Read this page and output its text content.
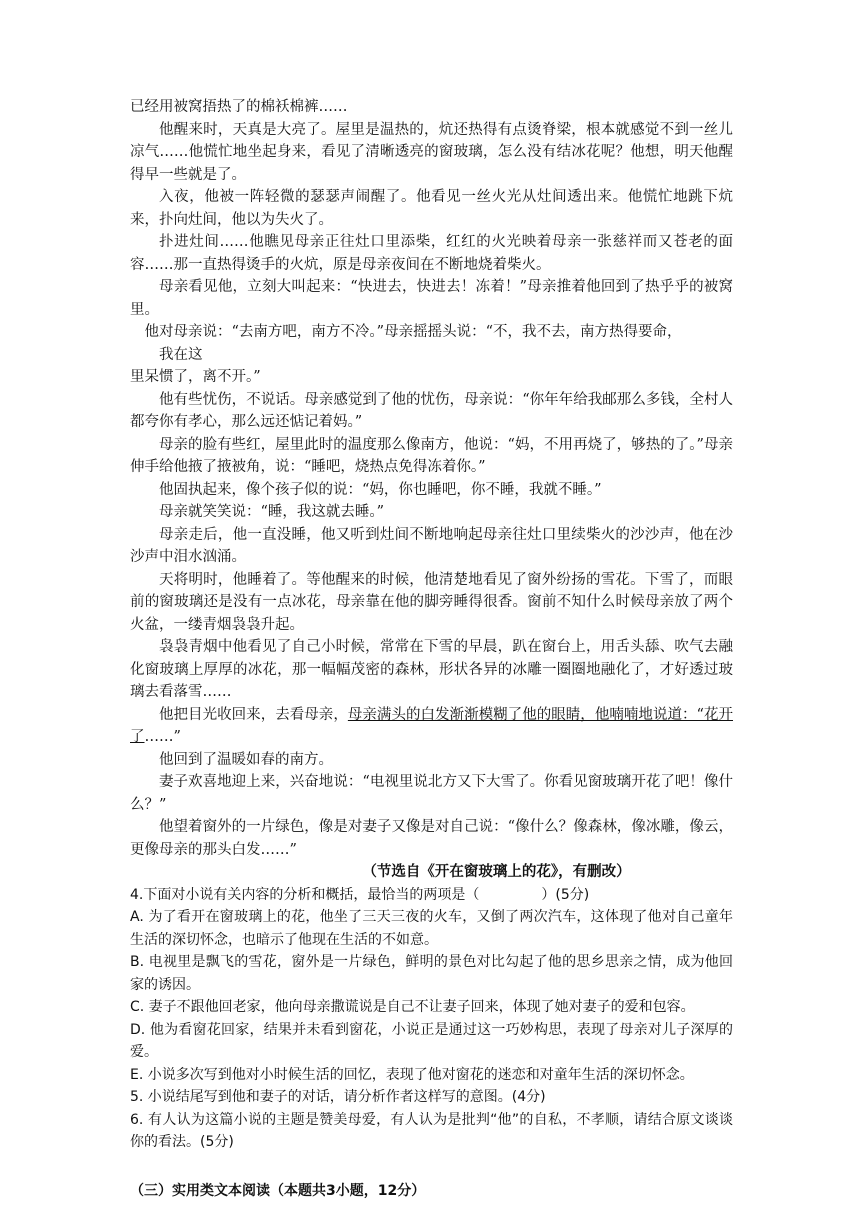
已经用被窝捂热了的棉袄棉裤……

他醒来时，天真是大亮了。屋里是温热的，炕还热得有点烫脊梁，根本就感觉不到一丝儿凉气……他慌忙地坐起身来，看见了清晰透亮的窗玻璃，怎么没有结冰花呢？他想，明天他醒得早一些就是了。

入夜，他被一阵轻微的瑟瑟声闹醒了。他看见一丝火光从灶间透出来。他慌忙地跳下炕来，扑向灶间，他以为失火了。

扑进灶间……他瞧见母亲正往灶口里添柴，红红的火光映着母亲一张慈祥而又苍老的面容……那一直热得烫手的火炕，原是母亲夜间在不断地烧着柴火。

母亲看见他，立刻大叫起来：“快进去，快进去！冻着！”母亲推着他回到了热乎乎的被窝里。

他对母亲说：“去南方吧，南方不冷。”母亲摇摇头说：“不，我不去，南方热得要命，
我在这

里呆惯了，离不开。”

他有些忧伤，不说话。母亲感觉到了他的忧伤，母亲说：“你年年给我邮那么多钱，全村人都夸你有孝心，那么远还惦记着妈。”

母亲的脸有些红，屋里此时的温度那么像南方，他说：“妈，不用再烧了，够热的了。”母亲伸手给他掖了掖被角，说：“睡吧，烧热点免得冻着你。”

他固执起来，像个孩子似的说：“妈，你也睡吧，你不睡，我就不睡。”

母亲就笑笑说：“睡，我这就去睡。”

母亲走后，他一直没睡，他又听到灶间不断地响起母亲往灶口里续柴火的沙沙声，他在沙沙声中泪水汹涌。

天将明时，他睡着了。等他醒来的时候，他清楚地看见了窗外纷扬的雪花。下雪了，而眼前的窗玻璃还是没有一点冰花，母亲靠在他的脚旁睡得很香。窗前不知什么时候母亲放了两个火盆，一缕青烟袅袅升起。

袅袅青烟中他看见了自己小时候，常常在下雪的早晨，趴在窗台上，用舌头舔、吹气去融化窗玻璃上厚厚的冰花，那一幅幅茂密的森林，形状各异的冰雕一圈圈地融化了，才好透过玻璃去看落雪……

他把目光收回来，去看母亲，母亲满头的白发渐渐模糊了他的眼睛，他喃喃地说道：“花开了……”

他回到了温暖如春的南方。

妻子欢喜地迎上来，兴奋地说：“电视里说北方又下大雪了。你看见窗玻璃开花了吧！像什么？”

他望着窗外的一片绿色，像是对妻子又像是对自己说：“像什么？像森林，像冰雕，像云，更像母亲的那头白发……”

（节选自《开在窗玻璃上的花》，有删改）

4.下面对小说有关内容的分析和概括，最恰当的两项是（	）(5分)

A. 为了看开在窗玻璃上的花，他坐了三天三夜的火车，又倒了两次汽车，这体现了他对自己童年生活的深切怀念，也暗示了他现在生活的不如意。

B. 电视里是飘飞的雪花，窗外是一片绿色，鲜明的景色对比勾起了他的思乡思亲之情，成为他回家的诱因。

C. 妻子不跟他回老家，他向母亲撒谎说是自己不让妻子回来，体现了她对妻子的爱和包容。

D. 他为看窗花回家，结果并未看到窗花，小说正是通过这一巧妙构思，表现了母亲对儿子深厚的爱。

E. 小说多次写到他对小时候生活的回忆，表现了他对窗花的迷恋和对童年生活的深切怀念。

5. 小说结尾写到他和妻子的对话，请分析作者这样写的意图。(4分)

6. 有人认为这篇小说的主题是赞美母爱，有人认为是批判“他”的自私，不孝顺，请结合原文谈谈你的看法。(5分)

（三）实用类文本阅读（本题共3小题，12分）
